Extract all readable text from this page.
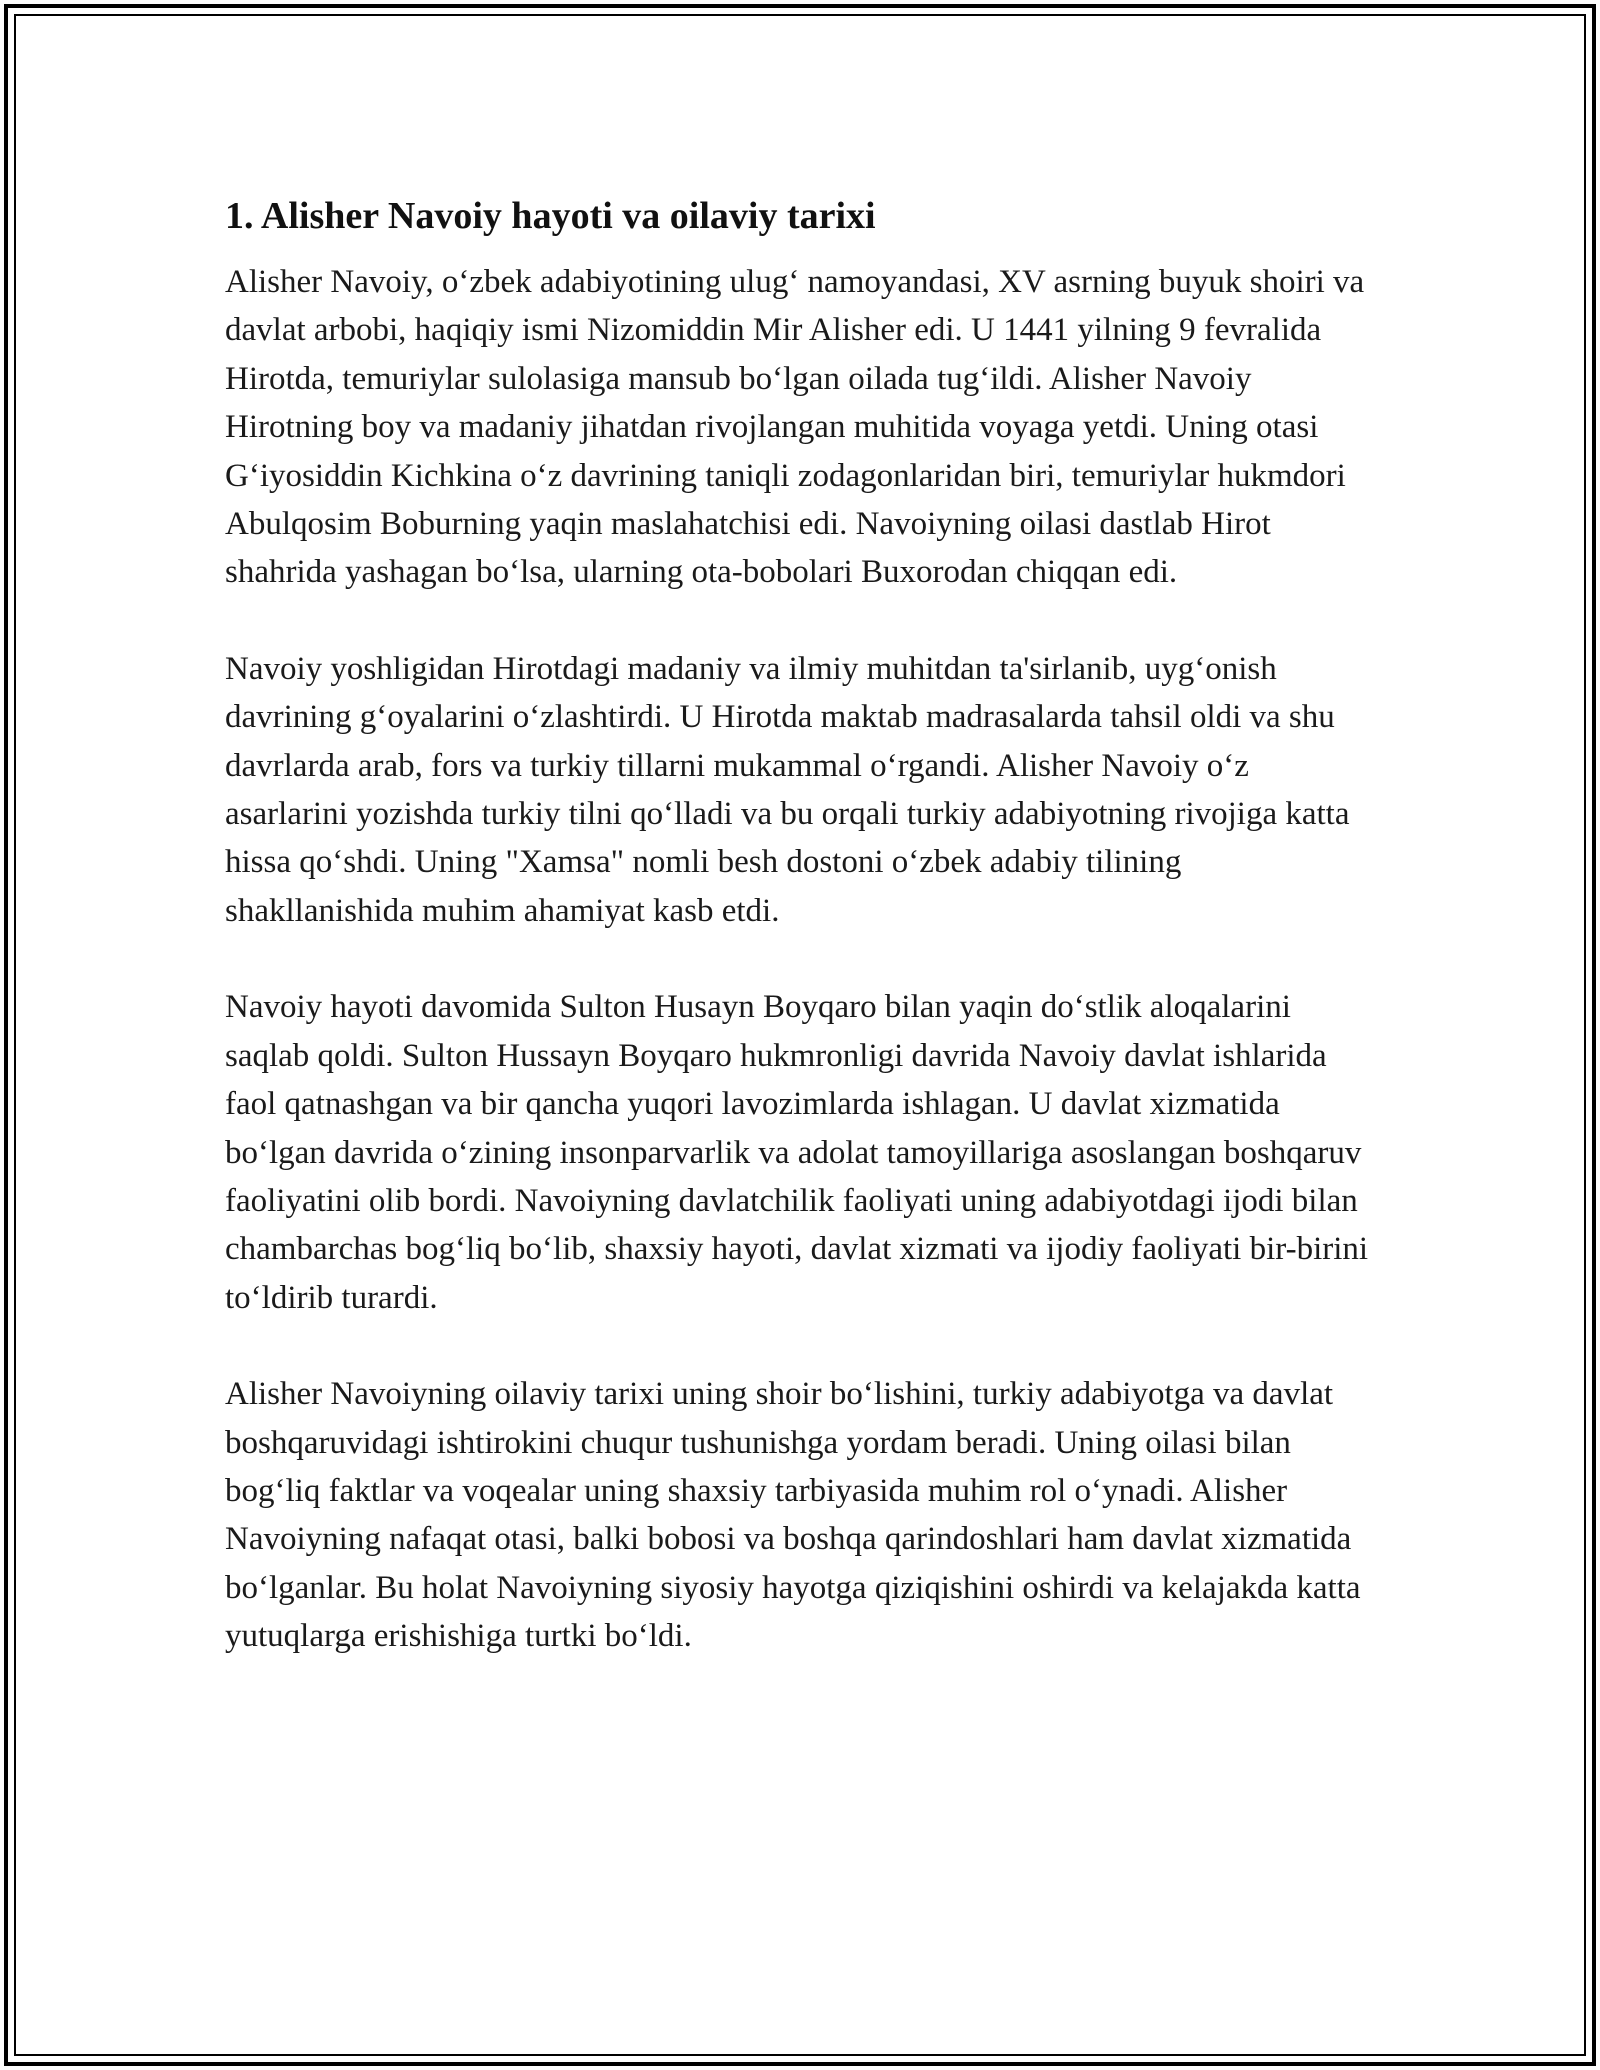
1. Alisher Navoiy hayoti va oilaviy tarixi

Alisher Navoiy, o‘zbek adabiyotining ulug‘ namoyandasi, XV asrning buyuk shoiri va davlat arbobi, haqiqiy ismi Nizomiddin Mir Alisher edi. U 1441 yilning 9 fevralida Hirotda, temuriylar sulolasiga mansub bo‘lgan oilada tug‘ildi. Alisher Navoiy Hirotning boy va madaniy jihatdan rivojlangan muhitida voyaga yetdi. Uning otasi G‘iyosiddin Kichkina o‘z davrining taniqli zodagonlaridan biri, temuriylar hukmdori Abulqosim Boburning yaqin maslahatchisi edi. Navoiyning oilasi dastlab Hirot shahrida yashagan bo‘lsa, ularning ota-bobolari Buxorodan chiqqan edi.

Navoiy yoshligidan Hirotdagi madaniy va ilmiy muhitdan ta'sirlanib, uyg‘onish davrining g‘oyalarini o‘zlashtirdi. U Hirotda maktab madrasalarda tahsil oldi va shu davrlarda arab, fors va turkiy tillarni mukammal o‘rgandi. Alisher Navoiy o‘z asarlarini yozishda turkiy tilni qo‘lladi va bu orqali turkiy adabiyotning rivojiga katta hissa qo‘shdi. Uning "Xamsa" nomli besh dostoni o‘zbek adabiy tilining shakllanishida muhim ahamiyat kasb etdi.

Navoiy hayoti davomida Sulton Husayn Boyqaro bilan yaqin do‘stlik aloqalarini saqlab qoldi. Sulton Hussayn Boyqaro hukmronligi davrida Navoiy davlat ishlarida faol qatnashgan va bir qancha yuqori lavozimlarda ishlagan. U davlat xizmatida bo‘lgan davrida o‘zining insonparvarlik va adolat tamoyillariga asoslangan boshqaruv faoliyatini olib bordi. Navoiyning davlatchilik faoliyati uning adabiyotdagi ijodi bilan chambarchas bog‘liq bo‘lib, shaxsiy hayoti, davlat xizmati va ijodiy faoliyati bir-birini to‘ldirib turardi.

Alisher Navoiyning oilaviy tarixi uning shoir bo‘lishini, turkiy adabiyotga va davlat boshqaruvidagi ishtirokini chuqur tushunishga yordam beradi. Uning oilasi bilan bog‘liq faktlar va voqealar uning shaxsiy tarbiyasida muhim rol o‘ynadi. Alisher Navoiyning nafaqat otasi, balki bobosi va boshqa qarindoshlari ham davlat xizmatida bo‘lganlar. Bu holat Navoiyning siyosiy hayotga qiziqishini oshirdi va kelajakda katta yutuqlarga erishishiga turtki bo‘ldi.
